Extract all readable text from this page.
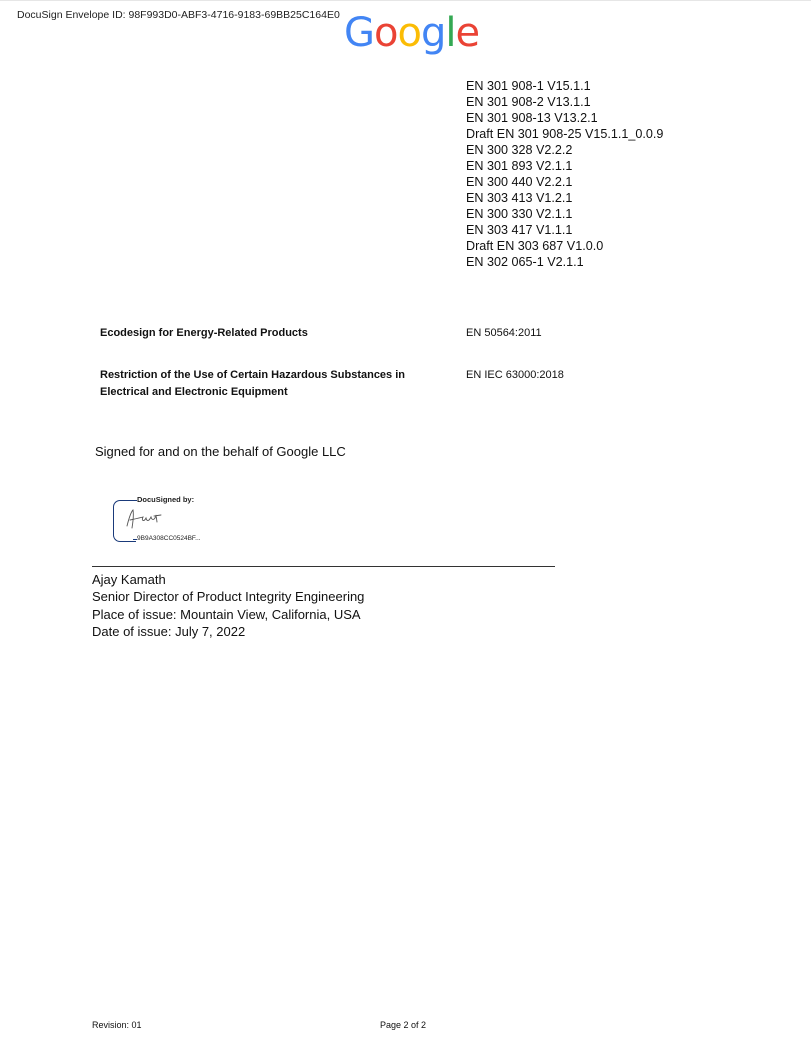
DocuSign Envelope ID: 98F993D0-ABF3-4716-9183-69BB25C164E0 Google
EN 301 908-1 V15.1.1
EN 301 908-2 V13.1.1
EN 301 908-13 V13.2.1
Draft EN 301 908-25 V15.1.1_0.0.9
EN 300 328 V2.2.2
EN 301 893 V2.1.1
EN 300 440 V2.2.1
EN 303 413 V1.2.1
EN 300 330 V2.1.1
EN 303 417 V1.1.1
Draft EN 303 687 V1.0.0
EN 302 065-1 V2.1.1
Ecodesign for Energy-Related Products	EN 50564:2011
Restriction of the Use of Certain Hazardous Substances in Electrical and Electronic Equipment
EN IEC 63000:2018
Signed for and on the behalf of Google LLC
DocuSigned by:
9B9A308CC0524BF...
Ajay Kamath
Senior Director of Product Integrity Engineering
Place of issue: Mountain View, California, USA
Date of issue: July 7, 2022
Revision: 01	Page 2 of 2
